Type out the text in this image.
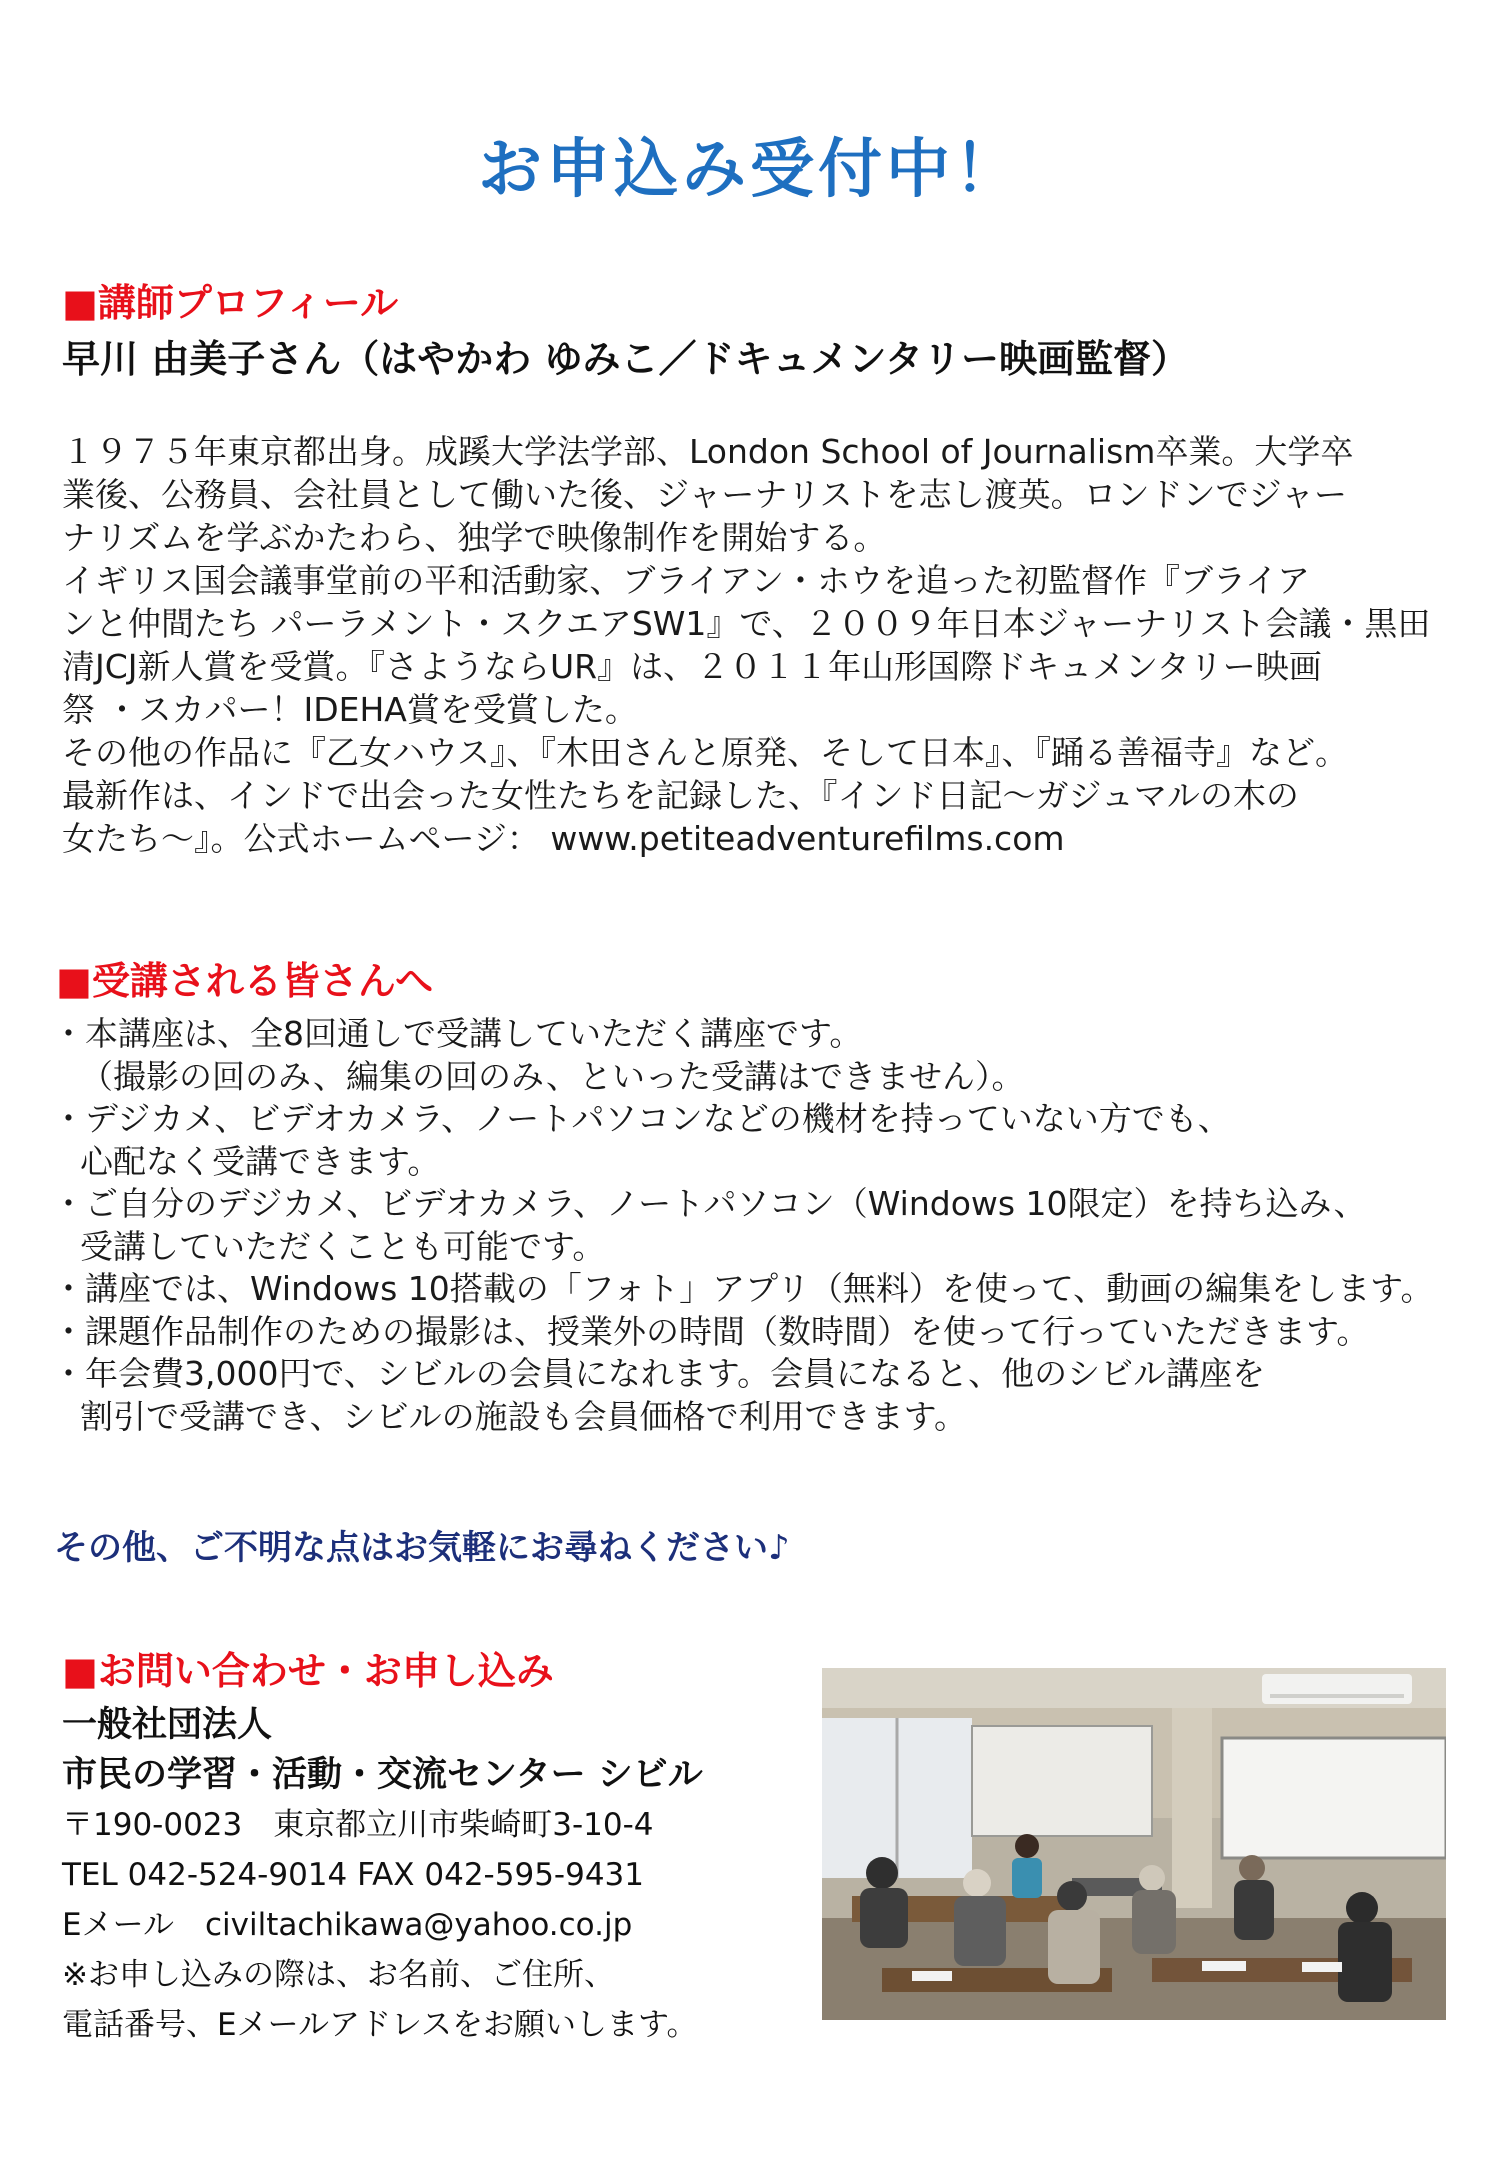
お申込み受付中！
■講師プロフィール
早川 由美子さん（はやかわ ゆみこ／ドキュメンタリー映画監督）
１９７５年東京都出身。成蹊大学法学部、London School of Journalism卒業。大学卒
業後、公務員、会社員として働いた後、ジャーナリストを志し渡英。ロンドンでジャー
ナリズムを学ぶかたわら、独学で映像制作を開始する。
イギリス国会議事堂前の平和活動家、ブライアン・ホウを追った初監督作『ブライア
ンと仲間たち パーラメント・スクエアSW1』で、２００９年日本ジャーナリスト会議・黒田
清JCJ新人賞を受賞。『さようならUR』は、２０１１年山形国際ドキュメンタリー映画
祭 ・スカパー！IDEHA賞を受賞した。
その他の作品に『乙女ハウス』、『木田さんと原発、そして日本』、『踊る善福寺』など。
最新作は、インドで出会った女性たちを記録した、『インド日記～ガジュマルの木の
女たち～』。公式ホームページ： www.petiteadventurefilms.com
■受講される皆さんへ
・本講座は、全8回通しで受講していただく講座です。
（撮影の回のみ、編集の回のみ、といった受講はできません）。
・デジカメ、ビデオカメラ、ノートパソコンなどの機材を持っていない方でも、
心配なく受講できます。
・ご自分のデジカメ、ビデオカメラ、ノートパソコン（Windows 10限定）を持ち込み、
受講していただくことも可能です。
・講座では、Windows 10搭載の「フォト」アプリ（無料）を使って、動画の編集をします。
・課題作品制作のための撮影は、授業外の時間（数時間）を使って行っていただきます。
・年会費3,000円で、シビルの会員になれます。会員になると、他のシビル講座を
割引で受講でき、シビルの施設も会員価格で利用できます。
その他、ご不明な点はお気軽にお尋ねください♪
■お問い合わせ・お申し込み
一般社団法人
市民の学習・活動・交流センター シビル
〒190-0023　東京都立川市柴崎町3-10-4
TEL 042-524-9014 FAX 042-595-9431
Eメール　civiltachikawa@yahoo.co.jp
※お申し込みの際は、お名前、ご住所、
電話番号、Eメールアドレスをお願いします。
